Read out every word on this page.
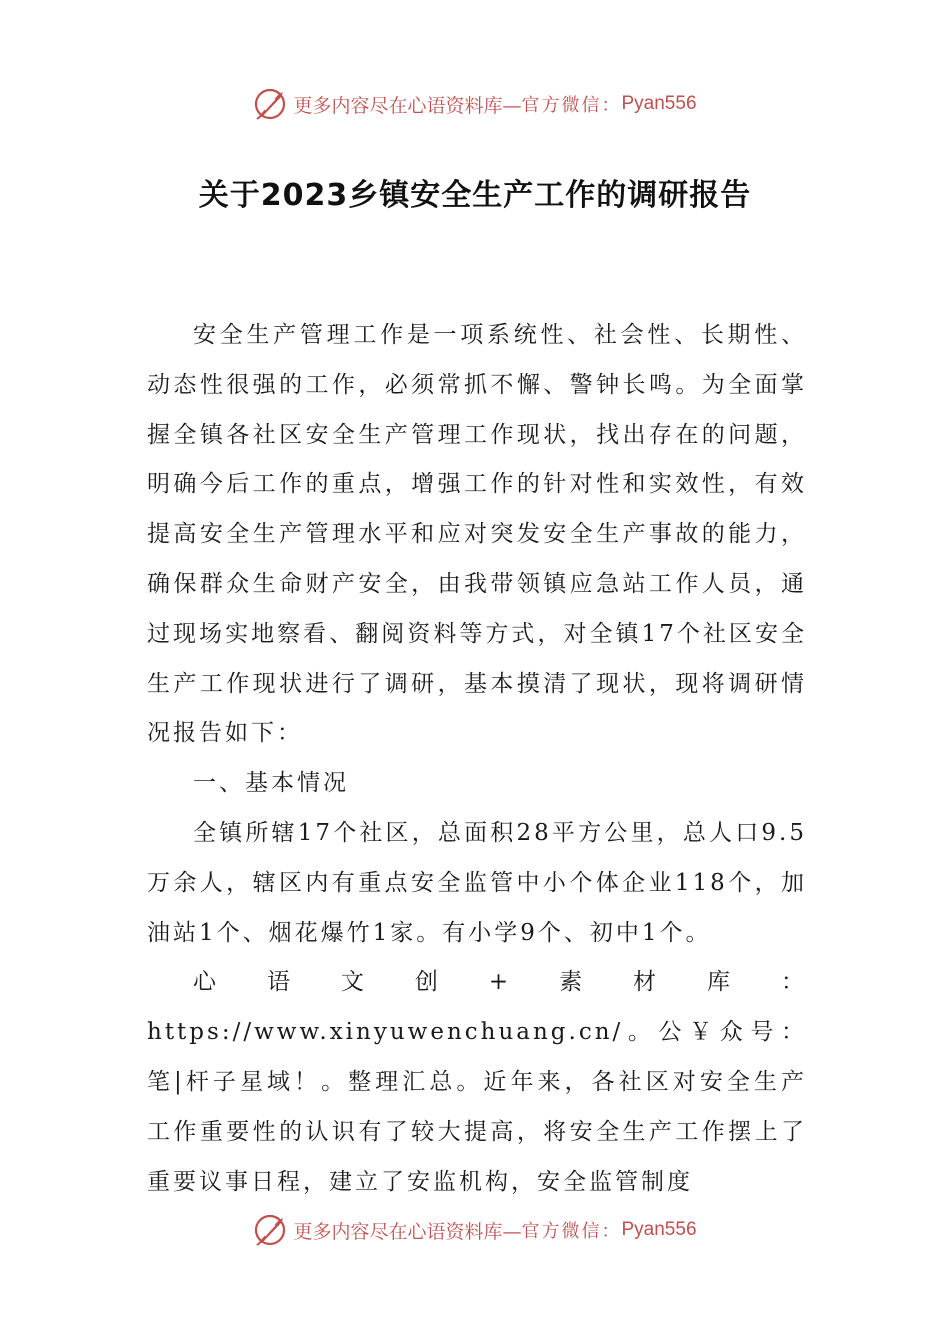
更多内容尽在心语资料库— 官方微信： Pyan556
关于2023乡镇安全生产工作的调研报告

安全生产管理工作是一项系统性、社会性、长期性、动态性很强的工作，必须常抓不懈、警钟长鸣。为全面掌握全镇各社区安全生产管理工作现状，找出存在的问题，明确今后工作的重点，增强工作的针对性和实效性，有效提高安全生产管理水平和应对突发安全生产事故的能力，确保群众生命财产安全，由我带领镇应急站工作人员，通过现场实地察看、翻阅资料等方式，对全镇17个社区安全生产工作现状进行了调研，基本摸清了现状，现将调研情况报告如下：

一、基本情况

全镇所辖17个社区，总面积28平方公里，总人口9.5万余人，辖区内有重点安全监管中小个体企业118个，加油站1个、烟花爆竹1家。有小学9个、初中1个。

心语文创+素材库：https://www.xinyuwenchuang.cn/。公￥众号：笔|杆子星域！。整理汇总。近年来，各社区对安全生产工作重要性的认识有了较大提高，将安全生产工作摆上了重要议事日程，建立了安监机构，安全监管制度

更多内容尽在心语资料库— 官方微信： Pyan556
